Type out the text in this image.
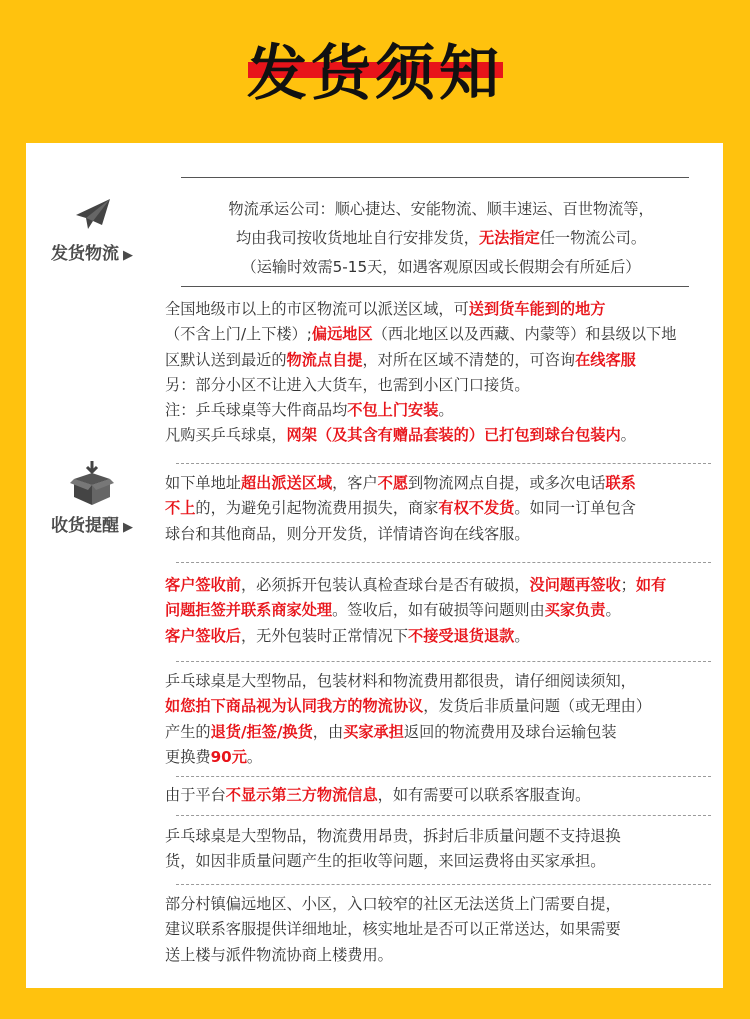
发货须知
发货物流 ▶
收货提醒 ▶

物流承运公司：顺心捷达、安能物流、顺丰速运、百世物流等，

均由我司按收货地址自行安排发货，无法指定任一物流公司。

（运输时效需5-15天，如遇客观原因或长假期会有所延后）

全国地级市以上的市区物流可以派送区域，可送到货车能到的地方

（不含上门/上下楼）;偏远地区（西北地区以及西藏、内蒙等）和县级以下地

区默认送到最近的物流点自提，对所在区域不清楚的，可咨询在线客服

另：部分小区不让进入大货车，也需到小区门口接货。

注：乒乓球桌等大件商品均不包上门安装。

凡购买乒乓球桌，网架（及其含有赠品套装的）已打包到球台包装内。

如下单地址超出派送区域，客户不愿到物流网点自提，或多次电话联系

不上的，为避免引起物流费用损失，商家有权不发货。如同一订单包含

球台和其他商品，则分开发货，详情请咨询在线客服。

客户签收前，必须拆开包装认真检查球台是否有破损，没问题再签收；如有

问题拒签并联系商家处理。签收后，如有破损等问题则由买家负责。

客户签收后，无外包装时正常情况下不接受退货退款。

乒乓球桌是大型物品，包装材料和物流费用都很贵，请仔细阅读须知，

如您拍下商品视为认同我方的物流协议，发货后非质量问题（或无理由）

产生的退货/拒签/换货，由买家承担返回的物流费用及球台运输包装

更换费90元。

由于平台不显示第三方物流信息，如有需要可以联系客服查询。

乒乓球桌是大型物品，物流费用昂贵，拆封后非质量问题不支持退换

货，如因非质量问题产生的拒收等问题，来回运费将由买家承担。

部分村镇偏远地区、小区，入口较窄的社区无法送货上门需要自提，

建议联系客服提供详细地址，核实地址是否可以正常送达，如果需要

送上楼与派件物流协商上楼费用。
